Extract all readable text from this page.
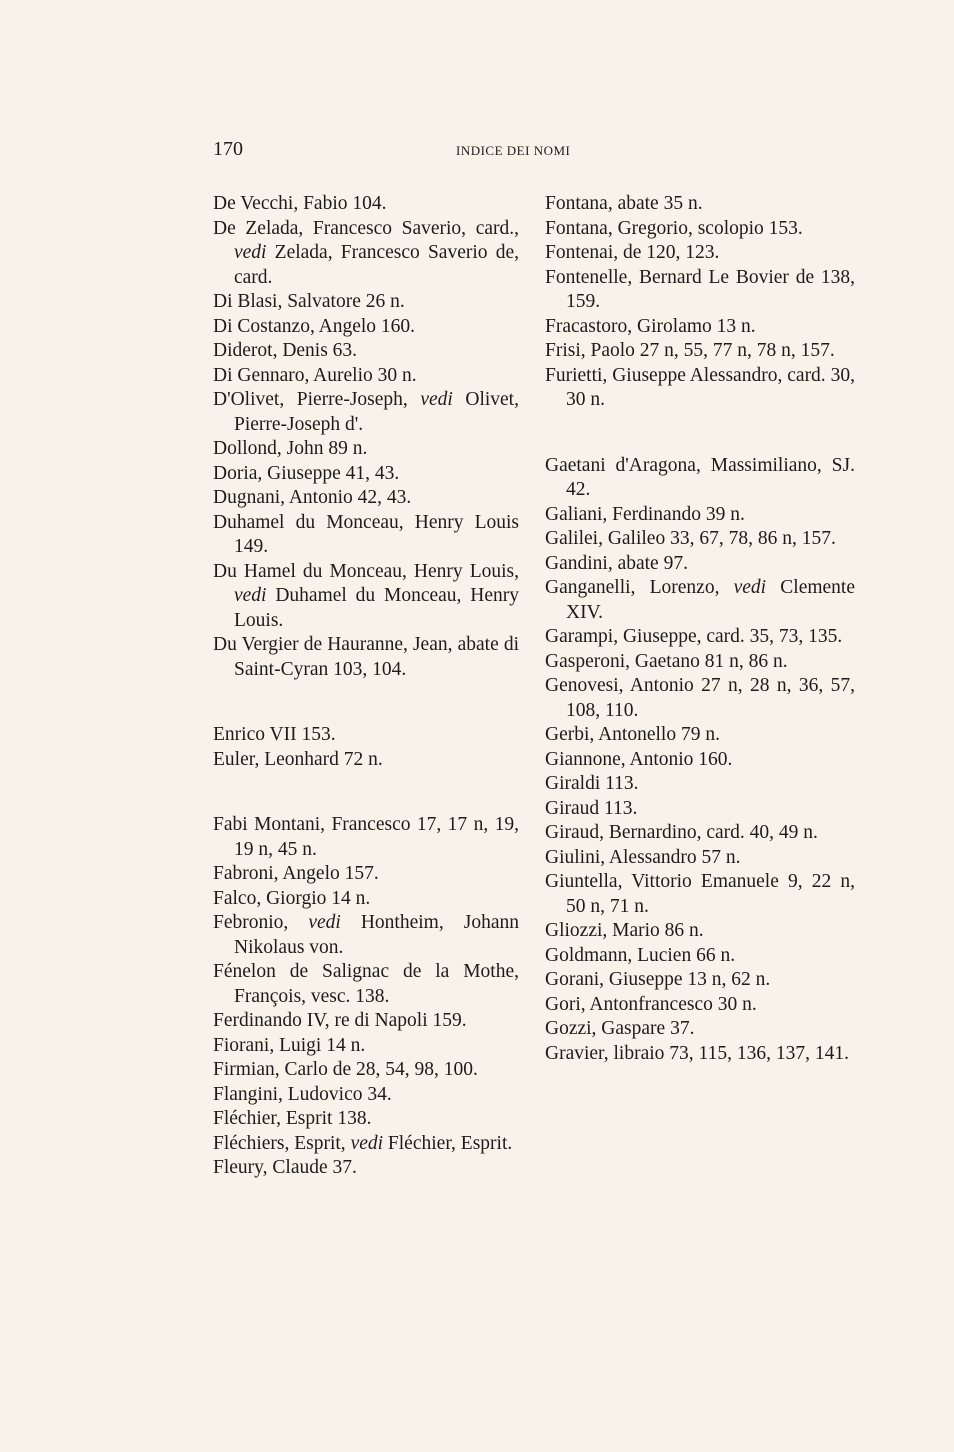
170	INDICE DEI NOMI

De Vecchi, Fabio 104.

De Zelada, Francesco Saverio, card., vedi Zelada, Francesco Saverio de, card.

Di Blasi, Salvatore 26 n.

Di Costanzo, Angelo 160.

Diderot, Denis 63.

Di Gennaro, Aurelio 30 n.

D'Olivet, Pierre-Joseph, vedi Olivet, Pierre-Joseph d'.

Dollond, John 89 n.

Doria, Giuseppe 41, 43.

Dugnani, Antonio 42, 43.

Duhamel du Monceau, Henry Louis 149.

Du Hamel du Monceau, Henry Louis, vedi Duhamel du Monceau, Henry Louis.

Du Vergier de Hauranne, Jean, abate di Saint-Cyran 103, 104.

Enrico VII 153.

Euler, Leonhard 72 n.

Fabi Montani, Francesco 17, 17 n, 19, 19 n, 45 n.

Fabroni, Angelo 157.

Falco, Giorgio 14 n.

Febronio, vedi Hontheim, Johann Nikolaus von.

Fénelon de Salignac de la Mothe, François, vesc. 138.

Ferdinando IV, re di Napoli 159.

Fiorani, Luigi 14 n.

Firmian, Carlo de 28, 54, 98, 100.

Flangini, Ludovico 34.

Fléchier, Esprit 138.

Fléchiers, Esprit, vedi Fléchier, Esprit.

Fleury, Claude 37.

Fontana, abate 35 n.

Fontana, Gregorio, scolopio 153.

Fontenai, de 120, 123.

Fontenelle, Bernard Le Bovier de 138, 159.

Fracastoro, Girolamo 13 n.

Frisi, Paolo 27 n, 55, 77 n, 78 n, 157.

Furietti, Giuseppe Alessandro, card. 30, 30 n.

Gaetani d'Aragona, Massimiliano, SJ. 42.

Galiani, Ferdinando 39 n.

Galilei, Galileo 33, 67, 78, 86 n, 157.

Gandini, abate 97.

Ganganelli, Lorenzo, vedi Clemente XIV.

Garampi, Giuseppe, card. 35, 73, 135.

Gasperoni, Gaetano 81 n, 86 n.

Genovesi, Antonio 27 n, 28 n, 36, 57, 108, 110.

Gerbi, Antonello 79 n.

Giannone, Antonio 160.

Giraldi 113.

Giraud 113.

Giraud, Bernardino, card. 40, 49 n.

Giulini, Alessandro 57 n.

Giuntella, Vittorio Emanuele 9, 22 n, 50 n, 71 n.

Gliozzi, Mario 86 n.

Goldmann, Lucien 66 n.

Gorani, Giuseppe 13 n, 62 n.

Gori, Antonfrancesco 30 n.

Gozzi, Gaspare 37.

Gravier, libraio 73, 115, 136, 137, 141.
